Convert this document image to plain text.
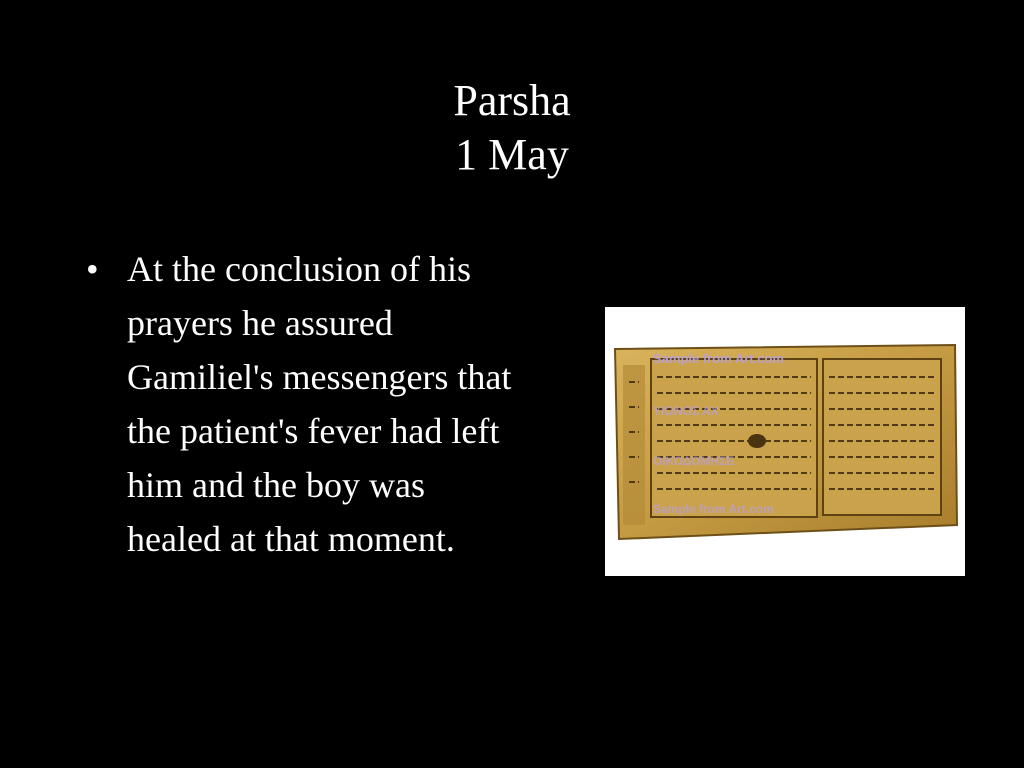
Parsha
1 May
• At the conclusion of his prayers he assured Gamiliel's messengers that the patient's fever had left him and the boy was healed at that moment.
Sample from Art.com
ΥΙΩΝΟΣ ΑΧ
ΟΙΚΟΔΟΜΗΣΕ
Sample from Art.com
